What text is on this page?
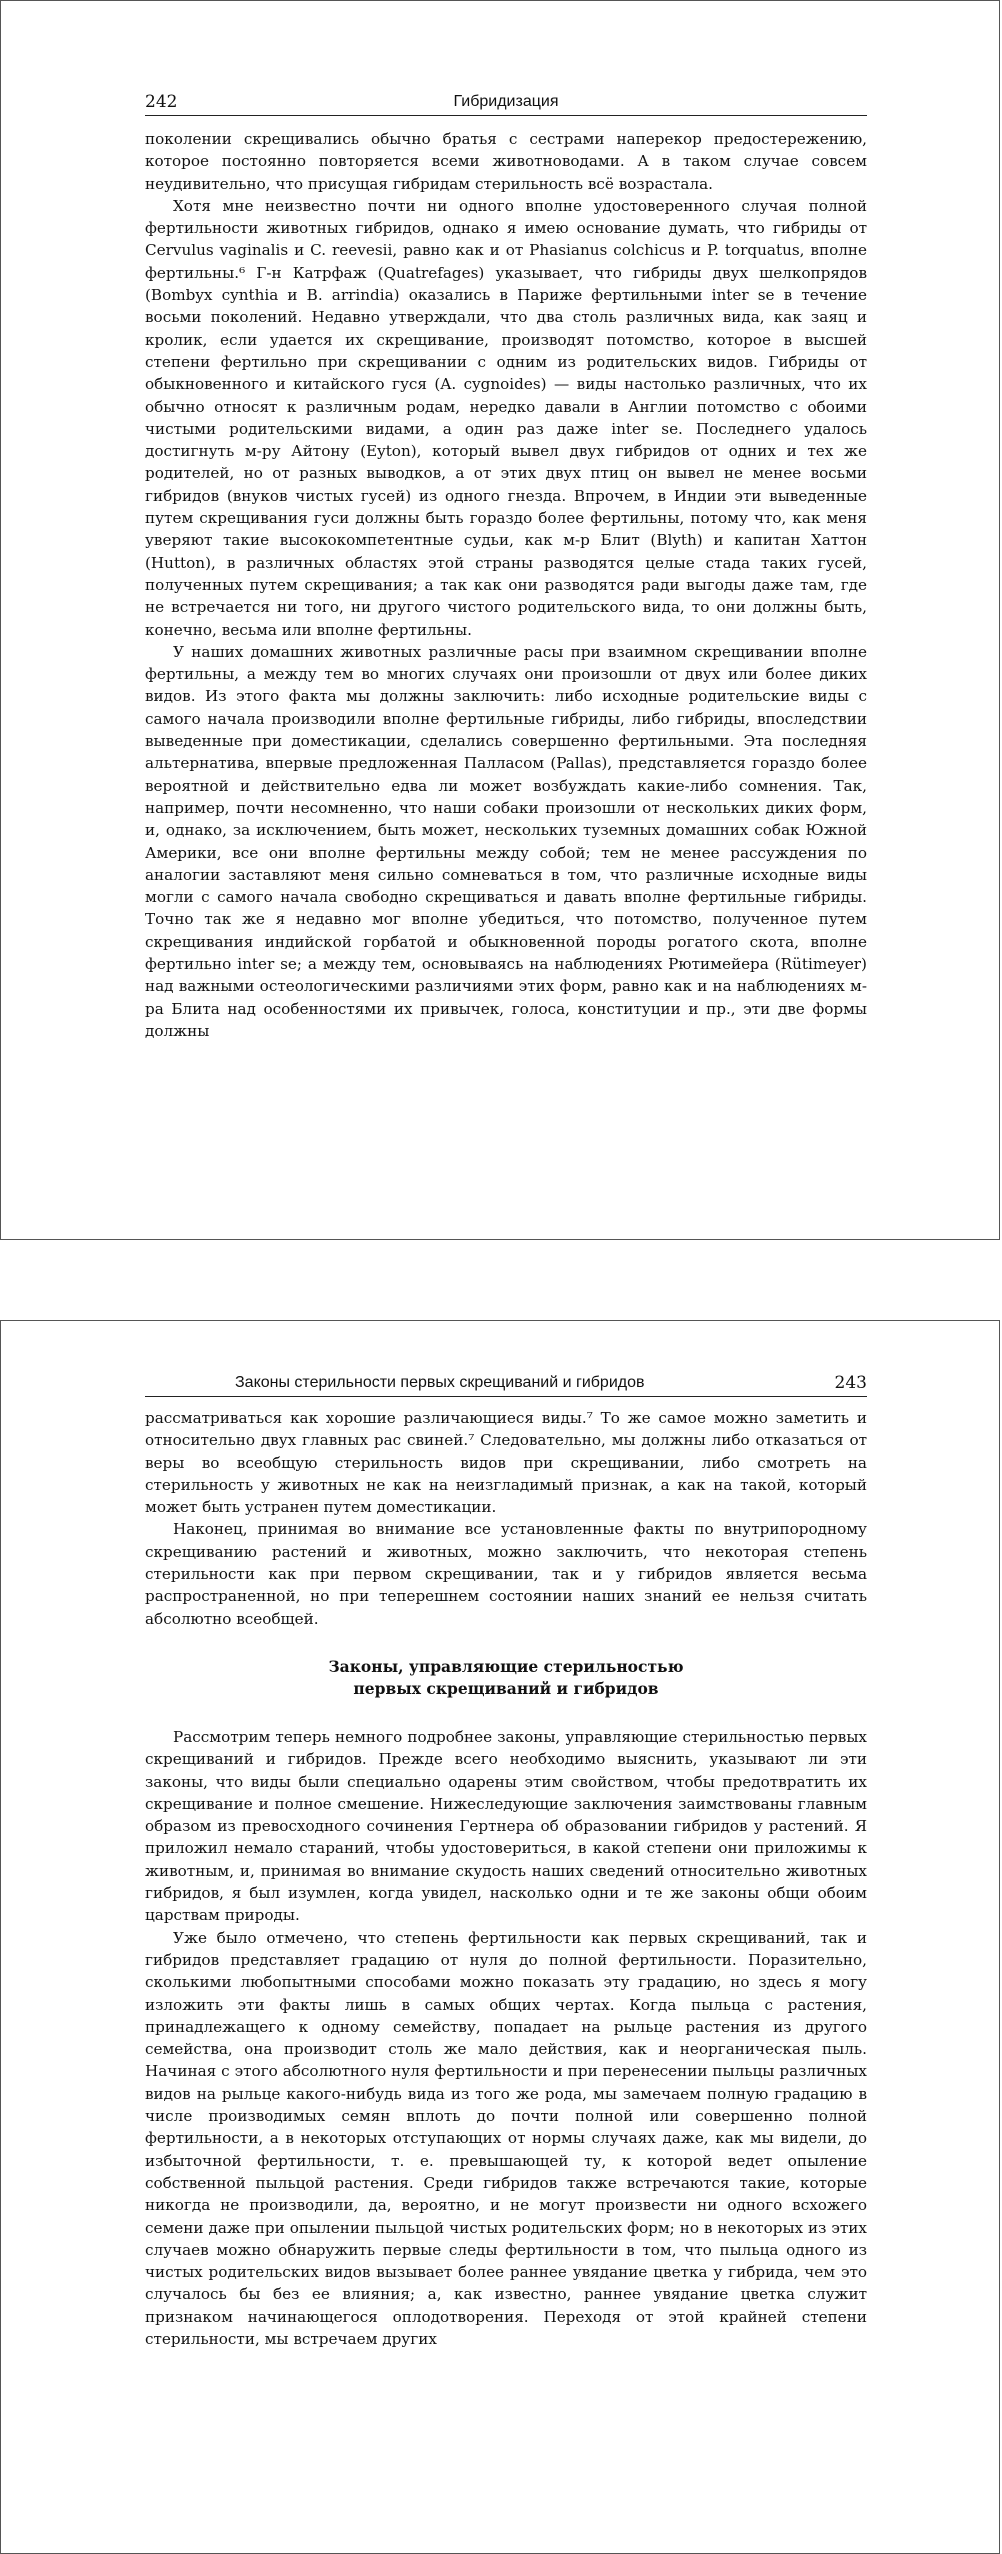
242	Гибридизация

поколении скрещивались обычно братья с сестрами наперекор предостережению, которое постоянно повторяется всеми животноводами. А в таком случае совсем неудивительно, что присущая гибридам стерильность всё возрастала.

Хотя мне неизвестно почти ни одного вполне удостоверенного случая полной фертильности животных гибридов, однако я имею основание думать, что гибриды от Cervulus vaginalis и C. reevesii, равно как и от Phasianus colchicus и P. torquatus, вполне фертильны.⁶ Г-н Катрфаж (Quatrefages) указывает, что гибриды двух шелкопрядов (Bombyx cynthia и B. arrindia) оказались в Париже фертильными inter se в течение восьми поколений. Недавно утверждали, что два столь различных вида, как заяц и кролик, если удается их скрещивание, производят потомство, которое в высшей степени фертильно при скрещивании с одним из родительских видов. Гибриды от обыкновенного и китайского гуся (A. cygnoides) — виды настолько различных, что их обычно относят к различным родам, нередко давали в Англии потомство с обоими чистыми родительскими видами, а один раз даже inter se. Последнего удалось достигнуть м-ру Айтону (Eyton), который вывел двух гибридов от одних и тех же родителей, но от разных выводков, а от этих двух птиц он вывел не менее восьми гибридов (внуков чистых гусей) из одного гнезда. Впрочем, в Индии эти выведенные путем скрещивания гуси должны быть гораздо более фертильны, потому что, как меня уверяют такие высококомпетентные судьи, как м-р Блит (Blyth) и капитан Хаттон (Hutton), в различных областях этой страны разводятся целые стада таких гусей, полученных путем скрещивания; а так как они разводятся ради выгоды даже там, где не встречается ни того, ни другого чистого родительского вида, то они должны быть, конечно, весьма или вполне фертильны.

У наших домашних животных различные расы при взаимном скрещивании вполне фертильны, а между тем во многих случаях они произошли от двух или более диких видов. Из этого факта мы должны заключить: либо исходные родительские виды с самого начала производили вполне фертильные гибриды, либо гибриды, впоследствии выведенные при доместикации, сделались совершенно фертильными. Эта последняя альтернатива, впервые предложенная Палласом (Pallas), представляется гораздо более вероятной и действительно едва ли может возбуждать какие-либо сомнения. Так, например, почти несомненно, что наши собаки произошли от нескольких диких форм, и, однако, за исключением, быть может, нескольких туземных домашних собак Южной Америки, все они вполне фертильны между собой; тем не менее рассуждения по аналогии заставляют меня сильно сомневаться в том, что различные исходные виды могли с самого начала свободно скрещиваться и давать вполне фертильные гибриды. Точно так же я недавно мог вполне убедиться, что потомство, полученное путем скрещивания индийской горбатой и обыкновенной породы рогатого скота, вполне фертильно inter se; а между тем, основываясь на наблюдениях Рютимейера (Rütimeyer) над важными остеологическими различиями этих форм, равно как и на наблюдениях м-ра Блита над особенностями их привычек, голоса, конституции и пр., эти две формы должны

Законы стерильности первых скрещиваний и гибридов	243

рассматриваться как хорошие различающиеся виды.⁷ То же самое можно заметить и относительно двух главных рас свиней.⁷ Следовательно, мы должны либо отказаться от веры во всеобщую стерильность видов при скрещивании, либо смотреть на стерильность у животных не как на неизгладимый признак, а как на такой, который может быть устранен путем доместикации.

Наконец, принимая во внимание все установленные факты по внутрипородному скрещиванию растений и животных, можно заключить, что некоторая степень стерильности как при первом скрещивании, так и у гибридов является весьма распространенной, но при теперешнем состоянии наших знаний ее нельзя считать абсолютно всеобщей.

Законы, управляющие стерильностью
первых скрещиваний и гибридов

Рассмотрим теперь немного подробнее законы, управляющие стерильностью первых скрещиваний и гибридов. Прежде всего необходимо выяснить, указывают ли эти законы, что виды были специально одарены этим свойством, чтобы предотвратить их скрещивание и полное смешение. Нижеследующие заключения заимствованы главным образом из превосходного сочинения Гертнера об образовании гибридов у растений. Я приложил немало стараний, чтобы удостовериться, в какой степени они приложимы к животным, и, принимая во внимание скудость наших сведений относительно животных гибридов, я был изумлен, когда увидел, насколько одни и те же законы общи обоим царствам природы.

Уже было отмечено, что степень фертильности как первых скрещиваний, так и гибридов представляет градацию от нуля до полной фертильности. Поразительно, сколькими любопытными способами можно показать эту градацию, но здесь я могу изложить эти факты лишь в самых общих чертах. Когда пыльца с растения, принадлежащего к одному семейству, попадает на рыльце растения из другого семейства, она производит столь же мало действия, как и неорганическая пыль. Начиная с этого абсолютного нуля фертильности и при перенесении пыльцы различных видов на рыльце какого-нибудь вида из того же рода, мы замечаем полную градацию в числе производимых семян вплоть до почти полной или совершенно полной фертильности, а в некоторых отступающих от нормы случаях даже, как мы видели, до избыточной фертильности, т. е. превышающей ту, к которой ведет опыление собственной пыльцой растения. Среди гибридов также встречаются такие, которые никогда не производили, да, вероятно, и не могут произвести ни одного всхожего семени даже при опылении пыльцой чистых родительских форм; но в некоторых из этих случаев можно обнаружить первые следы фертильности в том, что пыльца одного из чистых родительских видов вызывает более раннее увядание цветка у гибрида, чем это случалось бы без ее влияния; а, как известно, раннее увядание цветка служит признаком начинающегося оплодотворения. Переходя от этой крайней степени стерильности, мы встречаем других
